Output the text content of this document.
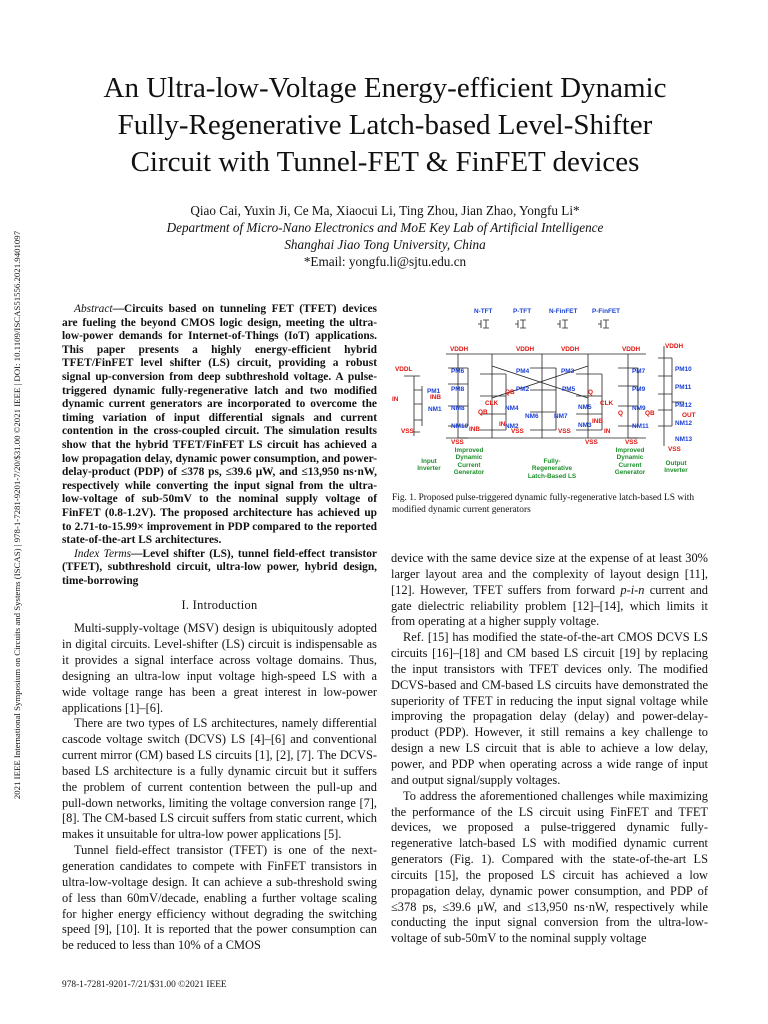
2021 IEEE International Symposium on Circuits and Systems (ISCAS) | 978-1-7281-9201-7/20/$31.00 ©2021 IEEE | DOI: 10.1109/ISCAS51556.2021.9401097
An Ultra-low-Voltage Energy-efficient Dynamic
Fully-Regenerative Latch-based Level-Shifter
Circuit with Tunnel-FET & FinFET devices
Qiao Cai, Yuxin Ji, Ce Ma, Xiaocui Li, Ting Zhou, Jian Zhao, Yongfu Li*
Department of Micro-Nano Electronics and MoE Key Lab of Artificial Intelligence
Shanghai Jiao Tong University, China
*Email: yongfu.li@sjtu.edu.cn

Abstract—Circuits based on tunneling FET (TFET) devices are fueling the beyond CMOS logic design, meeting the ultra-low-power demands for Internet-of-Things (IoT) applications. This paper presents a highly energy-efficient hybrid TFET/FinFET level shifter (LS) circuit, providing a robust signal up-conversion from deep subthreshold voltage. A pulse-triggered dynamic fully-regenerative latch and two modified dynamic current generators are incorporated to overcome the timing variation of input differential signals and current contention in the cross-coupled circuit. The simulation results show that the hybrid TFET/FinFET LS circuit has achieved a low propagation delay, dynamic power consumption, and power-delay-product (PDP) of ≤378 ps, ≤39.6 μW, and ≤13,950 ns·nW, respectively while converting the input signal from the ultra-low-voltage of sub-50mV to the nominal supply voltage of FinFET (0.8-1.2V). The proposed architecture has achieved up to 2.71-to-15.99× improvement in PDP compared to the reported state-of-the-art LS architectures.

Index Terms—Level shifter (LS), tunnel field-effect transistor (TFET), subthreshold circuit, ultra-low power, hybrid design, time-borrowing

I. Introduction

Multi-supply-voltage (MSV) design is ubiquitously adopted in digital circuits. Level-shifter (LS) circuit is indispensable as it provides a signal interface across voltage domains. Thus, designing an ultra-low input voltage high-speed LS with a wide voltage range has been a great interest in low-power applications [1]–[6].

There are two types of LS architectures, namely differential cascode voltage switch (DCVS) LS [4]–[6] and conventional current mirror (CM) based LS circuits [1], [2], [7]. The DCVS-based LS architecture is a fully dynamic circuit but it suffers the problem of current contention between the pull-up and pull-down networks, limiting the voltage conversion range [7], [8]. The CM-based LS circuit suffers from static current, which makes it unsuitable for ultra-low power applications [5].

Tunnel field-effect transistor (TFET) is one of the next-generation candidates to compete with FinFET transistors in ultra-low-voltage design. It can achieve a sub-threshold swing of less than 60mV/decade, enabling a further voltage scaling for higher energy efficiency without degrading the switching speed [9], [10]. It is reported that the power consumption can be reduced to less than 10% of a CMOS

device with the same device size at the expense of at least 30% larger layout area and the complexity of layout design [11], [12]. However, TFET suffers from forward p-i-n current and gate dielectric reliability problem [12]–[14], which limits it from operating at a higher supply voltage.

Ref. [15] has modified the state-of-the-art CMOS DCVS LS circuits [16]–[18] and CM based LS circuit [19] by replacing the input transistors with TFET devices only. The modified DCVS-based and CM-based LS circuits have demonstrated the superiority of TFET in reducing the input signal voltage while improving the propagation delay (delay) and power-delay-product (PDP). However, it still remains a key challenge to design a new LS circuit that is able to achieve a low delay, power, and PDP when operating across a wide range of input and output signal/supply voltages.

To address the aforementioned challenges while maximizing the performance of the LS circuit using FinFET and TFET devices, we proposed a pulse-triggered dynamic fully-regenerative latch-based LS with modified dynamic current generators (Fig. 1). Compared with the state-of-the-art LS circuits [15], the proposed LS circuit has achieved a low propagation delay, dynamic power consumption, and PDP of ≤378 ps, ≤39.6 μW, and ≤13,950 ns·nW, respectively while conducting the input signal conversion from the ultra-low-voltage of sub-50mV to the nominal supply voltage

N-TFT	P-TFT	N-FinFET P-FinFET
VDDH	VDDH	VDDH	VDDH	VDDH
VDDL
IN	INB
INB
INB
IN
IN
QB
QB
QB
Q
Q
CLK	CLK
OUT
PM1
NM1
PM6
PM8
NM8
NM10
PM4
PM2
NM4
NM2
NM6
PM3
PM5
NM7
NM5
NM3
PM7
PM9
NM9
NM11
PM10
PM11
PM12
NM12
NM13
VSS
VSS
VSS	VSS
VSS	VSS
VSS
Input
Inverter
Improved
Dynamic
Current
Generator
Fully-
Regenerative
Latch-Based LS
Improved
Dynamic
Current
Generator
Output
Inverter
Fig. 1. Proposed pulse-triggered dynamic fully-regenerative latch-based LS with modified dynamic current generators
978-1-7281-9201-7/21/$31.00 ©2021 IEEE
